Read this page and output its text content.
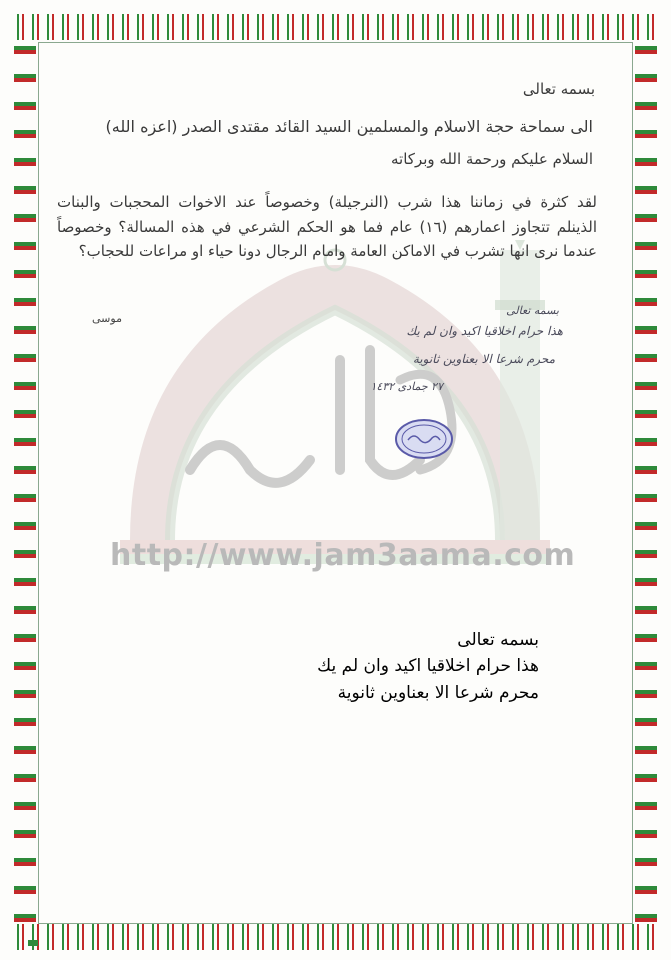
http://www.jam3aama.com
بسمه تعالى
الى سماحة حجة الاسلام والمسلمين السيد القائد مقتدى الصدر (اعزه الله)
السلام عليكم ورحمة الله وبركاته
لقد كثرة في زماننا هذا شرب (النرجيلة) وخصوصاً عند الاخوات المحجبات والبنات الذينلم تتجاوز اعمارهم (١٦) عام فما هو الحكم الشرعي في هذه المسالة؟ وخصوصاً عندما نرى انها تشرب في الاماكن العامة وامام الرجال دونا حياء او مراعات للحجاب؟
موسى
بسمه تعالى
هذا حرام اخلاقيا اكيد وان لم يك
محرم شرعا الا بعناوين ثانوية
٢٧ جمادى ١٤٣٢
بسمه تعالى
هذا حرام اخلاقيا اكيد وان لم يك
محرم شرعا الا بعناوين ثانوية
